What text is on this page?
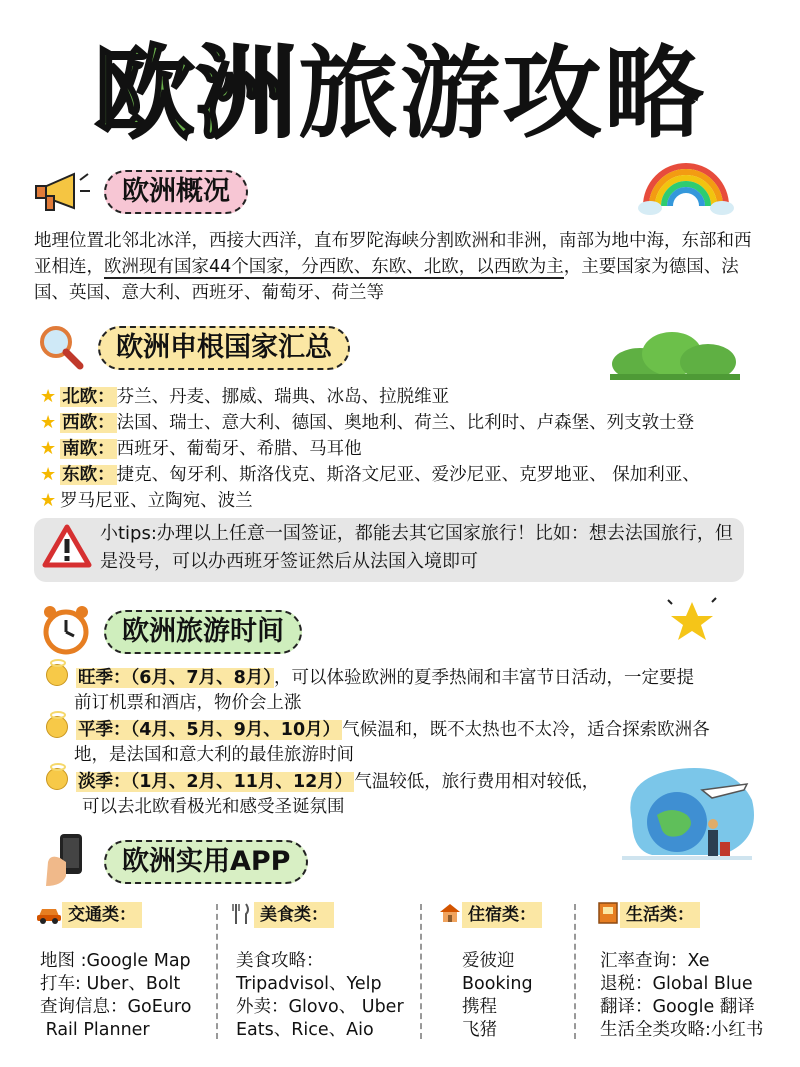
欧洲 旅游攻略
欧洲概况
地理位置北邻北冰洋，西接大西洋，直布罗陀海峡分割欧洲和非洲，南部为地中海，东部和西亚相连，欧洲现有国家44个国家，分西欧、东欧、北欧，以西欧为主，主要国家为德国、法国、英国、意大利、西班牙、葡萄牙、荷兰等
欧洲申根国家汇总
★ 北欧： 芬兰、丹麦、挪威、瑞典、冰岛、拉脱维亚
★ 西欧： 法国、瑞士、意大利、德国、奥地利、荷兰、比利时、卢森堡、列支敦士登
★ 南欧： 西班牙、葡萄牙、希腊、马耳他
★ 东欧： 捷克、匈牙利、斯洛伐克、斯洛文尼亚、爱沙尼亚、克罗地亚、 保加利亚、
★ 罗马尼亚、立陶宛、波兰
小tips:办理以上任意一国签证，都能去其它国家旅行！比如：想去法国旅行，但是没号，可以办西班牙签证然后从法国入境即可
欧洲旅游时间
旺季：（6月、7月、8月） ，可以体验欧洲的夏季热闹和丰富节日活动，一定要提
前订机票和酒店，物价会上涨
平季：（4月、5月、9月、10月） 气候温和，既不太热也不太冷，适合探索欧洲各
地，是法国和意大利的最佳旅游时间
淡季：（1月、2月、11月、12月） 气温较低，旅行费用相对较低，
可以去北欧看极光和感受圣诞氛围
欧洲实用APP
交通类：
地图 :Google Map
打车: Uber、Bolt
查询信息：GoEuro
Rail Planner
美食类：
美食攻略：
Tripadvisol、Yelp
外卖：Glovo、 Uber
Eats、Rice、Aio
住宿类：
爱彼迎
Booking
携程
飞猪
生活类：
汇率查询：Xe
退税：Global Blue
翻译：Google 翻译
生活全类攻略:小红书
